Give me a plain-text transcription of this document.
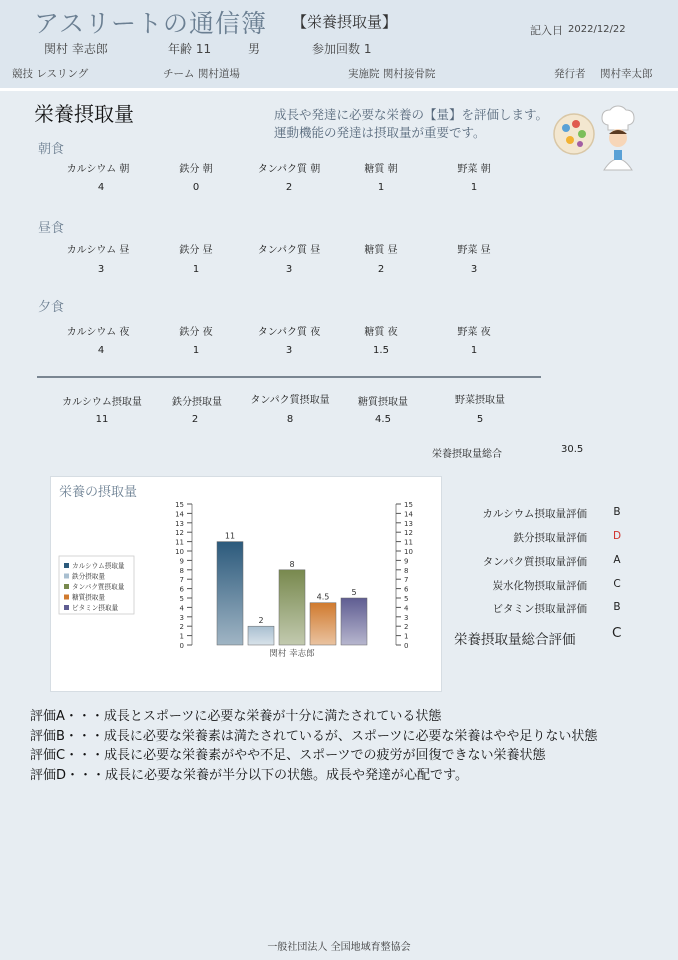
アスリートの通信簿 【栄養摂取量】	記入日 2022/12/22
関村 幸志郎	年齢 11	男	参加回数 1
競技 レスリング	チーム 関村道場	実施院 関村接骨院	発行者 関村幸太郎
栄養摂取量	成長や発達に必要な栄養の【量】を評価します。
運動機能の発達は摂取量が重要です。
朝食
カルシウム 朝	鉄分 朝	タンパク質 朝	糖質 朝	野菜 朝
4	0	2	1	1
昼食
カルシウム 昼	鉄分 昼	タンパク質 昼	糖質 昼	野菜 昼
3	1	3	2	3
夕食
カルシウム 夜	鉄分 夜	タンパク質 夜	糖質 夜	野菜 夜
4	1	3	1.5	1
カルシウム摂取量	鉄分摂取量	タンパク質摂取量	糖質摂取量	野菜摂取量
11	2	8	4.5	5
栄養摂取量総合	30.5
栄養の摂取量
0	0
1	1
2	2
3	3
4	4
5	5
6	6
7	7
8	8
9	9
10	10
11	11
12	12
13	13
14	14
15	15
11
2
8
4.5
5
関村 幸志郎
カルシウム摂取量
鉄分摂取量
タンパク質摂取量
糖質摂取量
ビタミン摂取量
カルシウム摂取量評価	B
鉄分摂取量評価	D
タンパク質摂取量評価	A
炭水化物摂取量評価	C
ビタミン摂取量評価	B
栄養摂取量総合評価	C
評価A・・・成長とスポーツに必要な栄養が十分に満たされている状態
評価B・・・成長に必要な栄養素は満たされているが、スポーツに必要な栄養はやや足りない状態
評価C・・・成長に必要な栄養素がやや不足、スポーツでの疲労が回復できない栄養状態
評価D・・・成長に必要な栄養が半分以下の状態。成長や発達が心配です。
一般社団法人 全国地域育整協会
